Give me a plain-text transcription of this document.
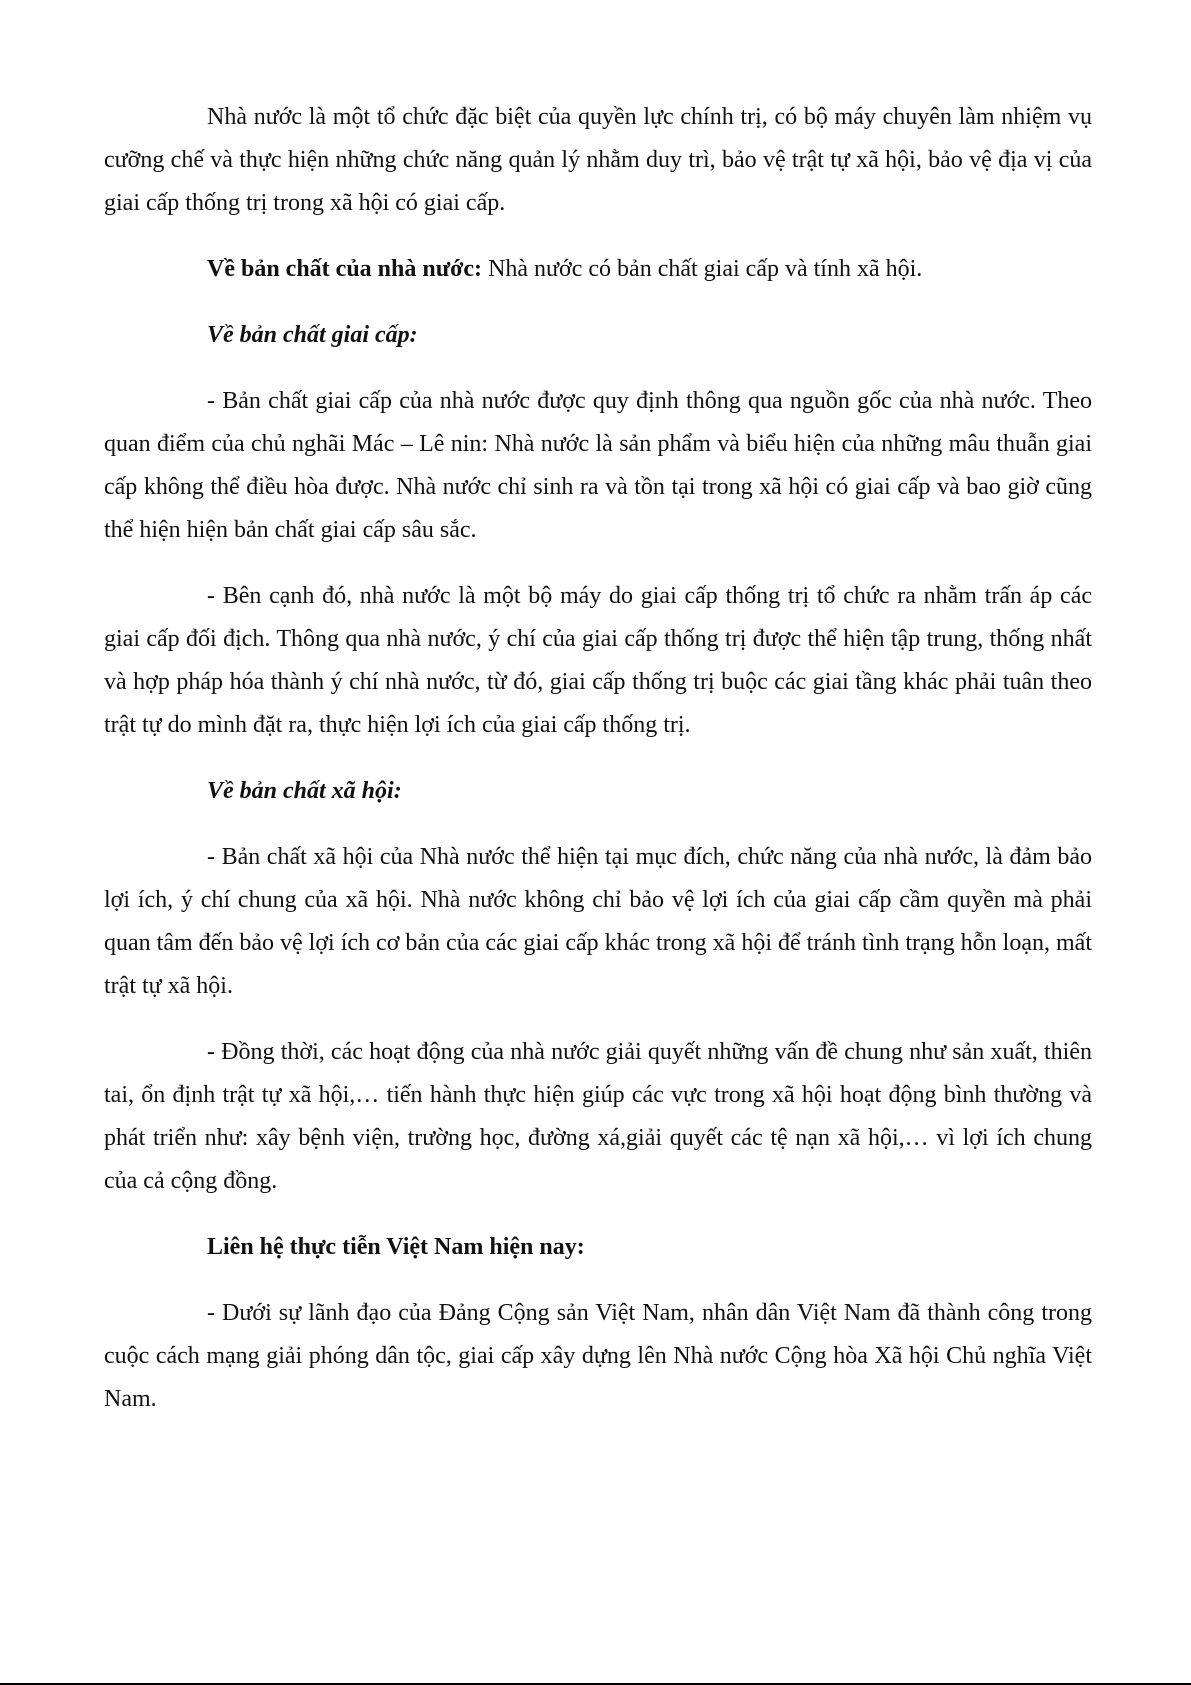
Nhà nước là một tổ chức đặc biệt của quyền lực chính trị, có bộ máy chuyên làm nhiệm vụ cưỡng chế và thực hiện những chức năng quản lý nhằm duy trì, bảo vệ trật tự xã hội, bảo vệ địa vị của giai cấp thống trị trong xã hội có giai cấp.

Về bản chất của nhà nước: Nhà nước có bản chất giai cấp và tính xã hội.

Về bản chất giai cấp:

- Bản chất giai cấp của nhà nước được quy định thông qua nguồn gốc của nhà nước. Theo quan điểm của chủ nghãi Mác – Lê nin: Nhà nước là sản phẩm và biểu hiện của những mâu thuẫn giai cấp không thể điều hòa được. Nhà nước chỉ sinh ra và tồn tại trong xã hội có giai cấp và bao giờ cũng thể hiện hiện bản chất giai cấp sâu sắc.

- Bên cạnh đó, nhà nước là một bộ máy do giai cấp thống trị tổ chức ra nhằm trấn áp các giai cấp đối địch. Thông qua nhà nước, ý chí của giai cấp thống trị được thể hiện tập trung, thống nhất và hợp pháp hóa thành ý chí nhà nước, từ đó, giai cấp thống trị buộc các giai tầng khác phải tuân theo trật tự do mình đặt ra, thực hiện lợi ích của giai cấp thống trị.

Về bản chất xã hội:

- Bản chất xã hội của Nhà nước thể hiện tại mục đích, chức năng của nhà nước, là đảm bảo lợi ích, ý chí chung của xã hội. Nhà nước không chỉ bảo vệ lợi ích của giai cấp cầm quyền mà phải quan tâm đến bảo vệ lợi ích cơ bản của các giai cấp khác trong xã hội để tránh tình trạng hỗn loạn, mất trật tự xã hội.

- Đồng thời, các hoạt động của nhà nước giải quyết những vấn đề chung như sản xuất, thiên tai, ổn định trật tự xã hội,… tiến hành thực hiện giúp các vực trong xã hội hoạt động bình thường và phát triển như: xây bệnh viện, trường học, đường xá,giải quyết các tệ nạn xã hội,… vì lợi ích chung của cả cộng đồng.

Liên hệ thực tiễn Việt Nam hiện nay:

- Dưới sự lãnh đạo của Đảng Cộng sản Việt Nam, nhân dân Việt Nam đã thành công trong cuộc cách mạng giải phóng dân tộc, giai cấp xây dựng lên Nhà nước Cộng hòa Xã hội Chủ nghĩa Việt Nam.
